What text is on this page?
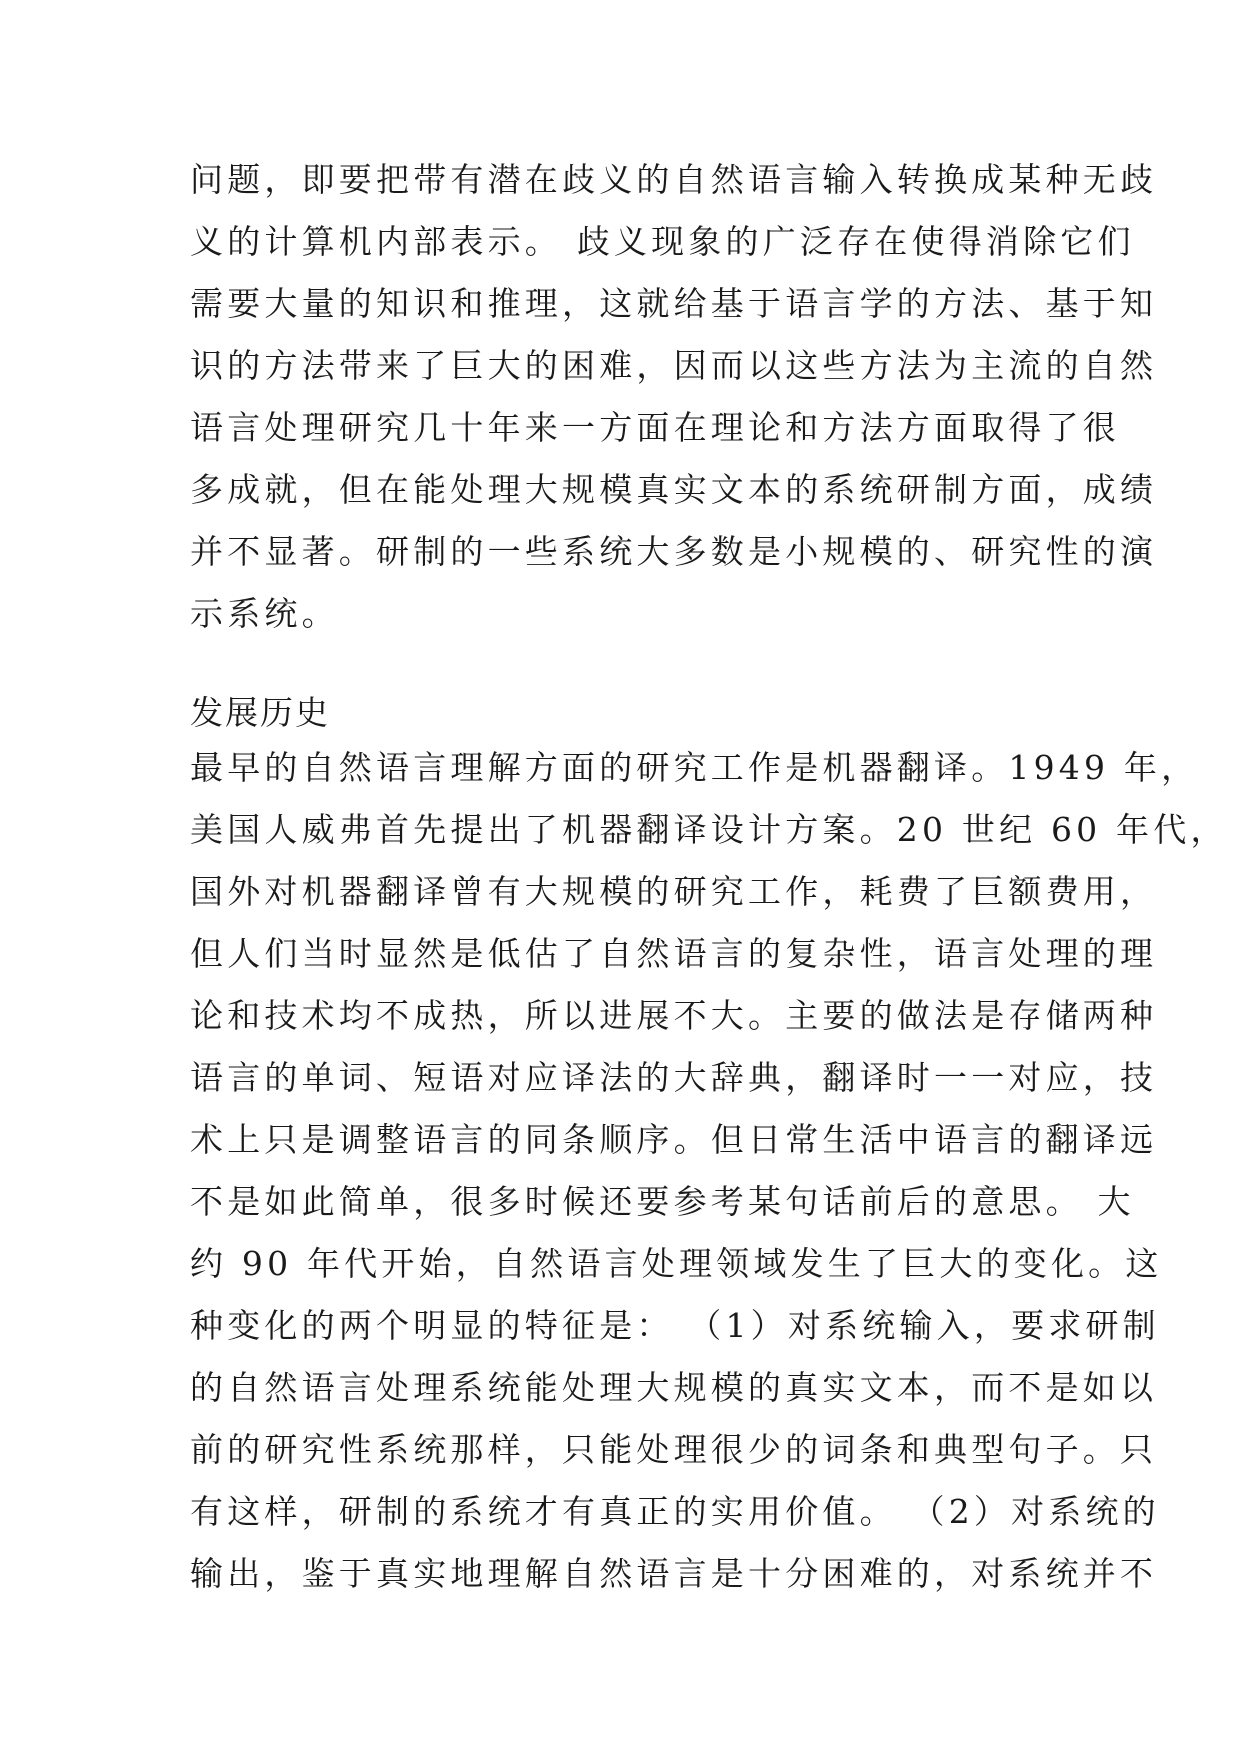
问题，即要把带有潜在歧义的自然语言输入转换成某种无歧
义的计算机内部表示。 歧义现象的广泛存在使得消除它们
需要大量的知识和推理，这就给基于语言学的方法、基于知
识的方法带来了巨大的困难，因而以这些方法为主流的自然
语言处理研究几十年来一方面在理论和方法方面取得了很
多成就，但在能处理大规模真实文本的系统研制方面，成绩
并不显著。研制的一些系统大多数是小规模的、研究性的演
示系统。
发展历史
最早的自然语言理解方面的研究工作是机器翻译。1949 年，
美国人威弗首先提出了机器翻译设计方案。20 世纪 60 年代，
国外对机器翻译曾有大规模的研究工作，耗费了巨额费用，
但人们当时显然是低估了自然语言的复杂性，语言处理的理
论和技术均不成热，所以进展不大。主要的做法是存储两种
语言的单词、短语对应译法的大辞典，翻译时一一对应，技
术上只是调整语言的同条顺序。但日常生活中语言的翻译远
不是如此简单，很多时候还要参考某句话前后的意思。 大
约 90 年代开始，自然语言处理领域发生了巨大的变化。这
种变化的两个明显的特征是： （1）对系统输入，要求研制
的自然语言处理系统能处理大规模的真实文本，而不是如以
前的研究性系统那样，只能处理很少的词条和典型句子。只
有这样，研制的系统才有真正的实用价值。 （2）对系统的
输出，鉴于真实地理解自然语言是十分困难的，对系统并不
